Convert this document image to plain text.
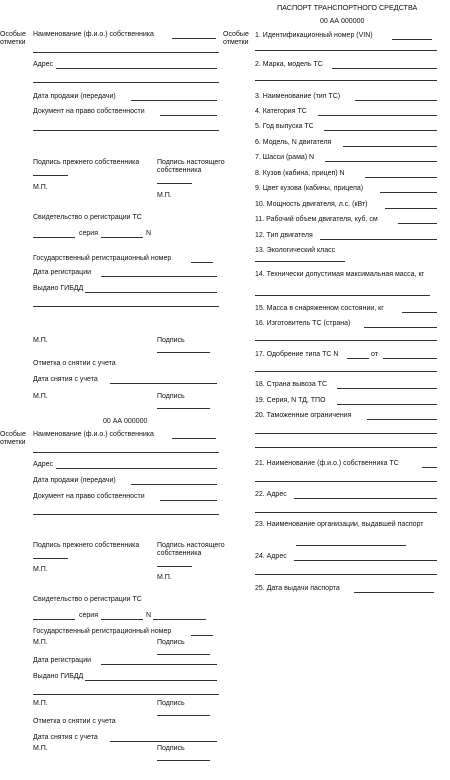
ПАСПОРТ ТРАНСПОРТНОГО СРЕДСТВА
00 АА 000000
Особые отметки
1. Идентификационный номер (VIN)
2. Марка, модель ТС
3. Наименование (тип ТС)
4. Категория ТС
5. Год выпуска ТС
6. Модель, N двигателя
7. Шасси (рама) N
8. Кузов (кабина, прицеп) N
9. Цвет кузова (кабины, прицепа)
10. Мощность двигателя, л.с. (кВт)
11. Рабочий объем двигателя, куб. см
12. Тип двигателя
13. Экологический класс
14. Технически допустимая максимальная масса, кг
15. Масса в снаряженном состоянии, кг
16. Изготовитель ТС (страна)
17. Одобрение типа ТС N	от
18. Страна вывоза ТС
19. Серия, N ТД, ТПО
20. Таможенные ограничения
21. Наименование (ф.и.о.) собственника ТС
22. Адрес
23. Наименование организации, выдавшей паспорт
24. Адрес
25. Дата выдачи паспорта
Особые отметки
Наименование (ф.и.о.) собственника
Адрес
Дата продажи (передачи)
Документ на право собственности
Подпись прежнего собственника	Подпись настоящего собственника
М.П.
М.П.
Свидетельство о регистрации ТС
серия	N
Государственный регистрационный номер
Дата регистрации
Выдано ГИБДД
М.П.	Подпись
Отметка о снятии с учета
Дата снятия с учета
М.П.	Подпись
00 АА 000000
Особые отметки
Наименование (ф.и.о.) собственника
Адрес
Дата продажи (передачи)
Документ на право собственности
Подпись прежнего собственника	Подпись настоящего собственника
М.П.
М.П.
Свидетельство о регистрации ТС
серия	N
Государственный регистрационный номер
М.П.	Подпись
Дата регистрации
Выдано ГИБДД
М.П.	Подпись
Отметка о снятии с учета
Дата снятия с учета
М.П.	Подпись
